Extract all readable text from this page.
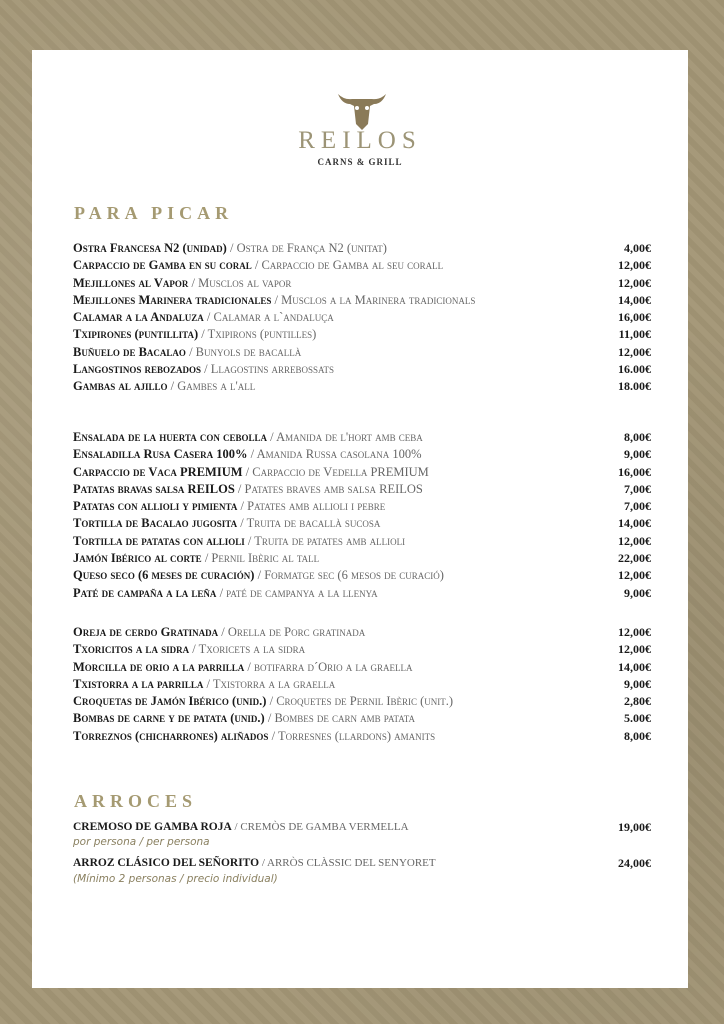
REILOS
CARNS & GRILL
PARA PICAR
Ostra Francesa N2 (unidad) / Ostra de França N2 (unitat)	4,00€
Carpaccio de Gamba en su coral / Carpaccio de Gamba al seu corall	12,00€
Mejillones al Vapor / Musclos al vapor	12,00€
Mejillones Marinera tradicionales / Musclos a la Marinera tradicionals	14,00€
Calamar a la Andaluza / Calamar a l`andaluça	16,00€
Txipirones (puntillita) / Txipirons (puntilles)	11,00€
Buñuelo de Bacalao / Bunyols de bacallà	12,00€
Langostinos rebozados / Llagostins arrebossats	16.00€
Gambas al ajillo / Gambes a l'all	18.00€
Ensalada de la huerta con cebolla / Amanida de l'hort amb ceba	8,00€
Ensaladilla Rusa Casera 100% / Amanida Russa casolana 100%	9,00€
Carpaccio de Vaca PREMIUM / Carpaccio de Vedella PREMIUM	16,00€
Patatas bravas salsa REILOS / Patates braves amb salsa REILOS	7,00€
Patatas con allioli y pimienta / Patates amb allioli i pebre	7,00€
Tortilla de Bacalao jugosita / Truita de bacallà sucosa	14,00€
Tortilla de patatas con allioli / Truita de patates amb allioli	12,00€
Jamón Ibérico al corte / Pernil Ibèric al tall	22,00€
Queso seco (6 meses de curación) / Formatge sec (6 mesos de curació)	12,00€
Paté de campaña a la leña / paté de campanya a la llenya	9,00€
Oreja de cerdo Gratinada / Orella de Porc gratinada	12,00€
Txoricitos a la sidra / Txoricets a la sidra	12,00€
Morcilla de orio a la parrilla / botifarra d´Orio a la graella	14,00€
Txistorra a la parrilla / Txistorra a la graella	9,00€
Croquetas de Jamón Ibérico (unid.) / Croquetes de Pernil Ibèric (unit.)	2,80€
Bombas de carne y de patata (unid.) / Bombes de carn amb patata	5.00€
Torreznos (chicharrones) aliñados / Torresnes (llardons) amanits	8,00€
ARROCES
CREMOSO DE GAMBA ROJA / CREMÒS DE GAMBA VERMELLA	19,00€
por persona / per persona
ARROZ CLÁSICO DEL SEÑORITO / ARRÒS CLÀSSIC DEL SENYORET	24,00€
(Mínimo 2 personas / precio individual)
